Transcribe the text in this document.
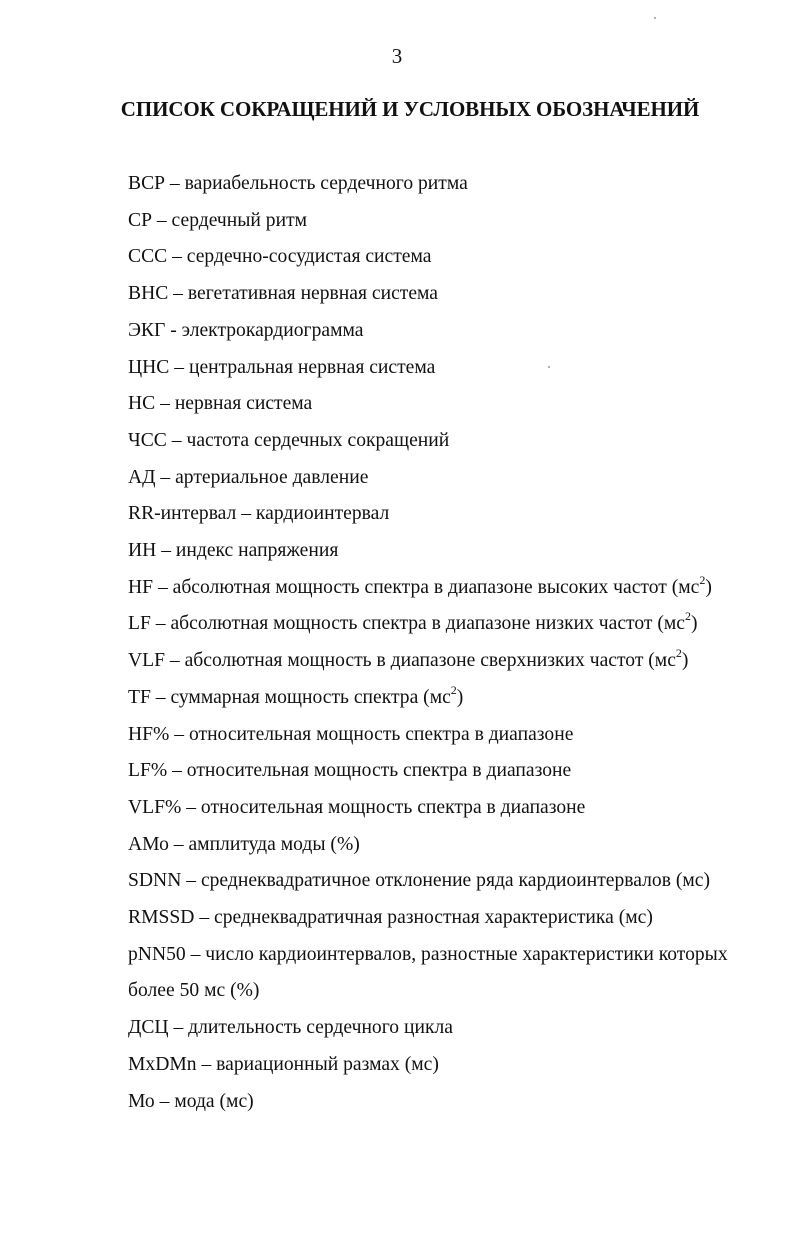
3
СПИСОК СОКРАЩЕНИЙ И УСЛОВНЫХ ОБОЗНАЧЕНИЙ
ВСР – вариабельность сердечного ритма
СР – сердечный ритм
ССС – сердечно-сосудистая система
ВНС – вегетативная нервная система
ЭКГ - электрокардиограмма
ЦНС – центральная нервная система
НС – нервная система
ЧСС – частота сердечных сокращений
АД – артериальное давление
RR-интервал – кардиоинтервал
ИН – индекс напряжения
HF – абсолютная мощность спектра в диапазоне высоких частот $(мс^2)$
LF – абсолютная мощность спектра в диапазоне низких частот $(мс^2)$
VLF – абсолютная мощность в диапазоне сверхнизких частот $(мс^2)$
TF – суммарная мощность спектра $(мс^2)$
HF% – относительная мощность спектра в диапазоне
LF% – относительная мощность спектра в диапазоне
VLF% – относительная мощность спектра в диапазоне
АМо – амплитуда моды (%)
SDNN – среднеквадратичное отклонение ряда кардиоинтервалов (мс)
RMSSD – среднеквадратичная разностная характеристика (мс)
pNN50 – число кардиоинтервалов, разностные характеристики которых
более 50 мс (%)
ДСЦ – длительность сердечного цикла
MxDMn – вариационный размах (мс)
Мо – мода (мс)
